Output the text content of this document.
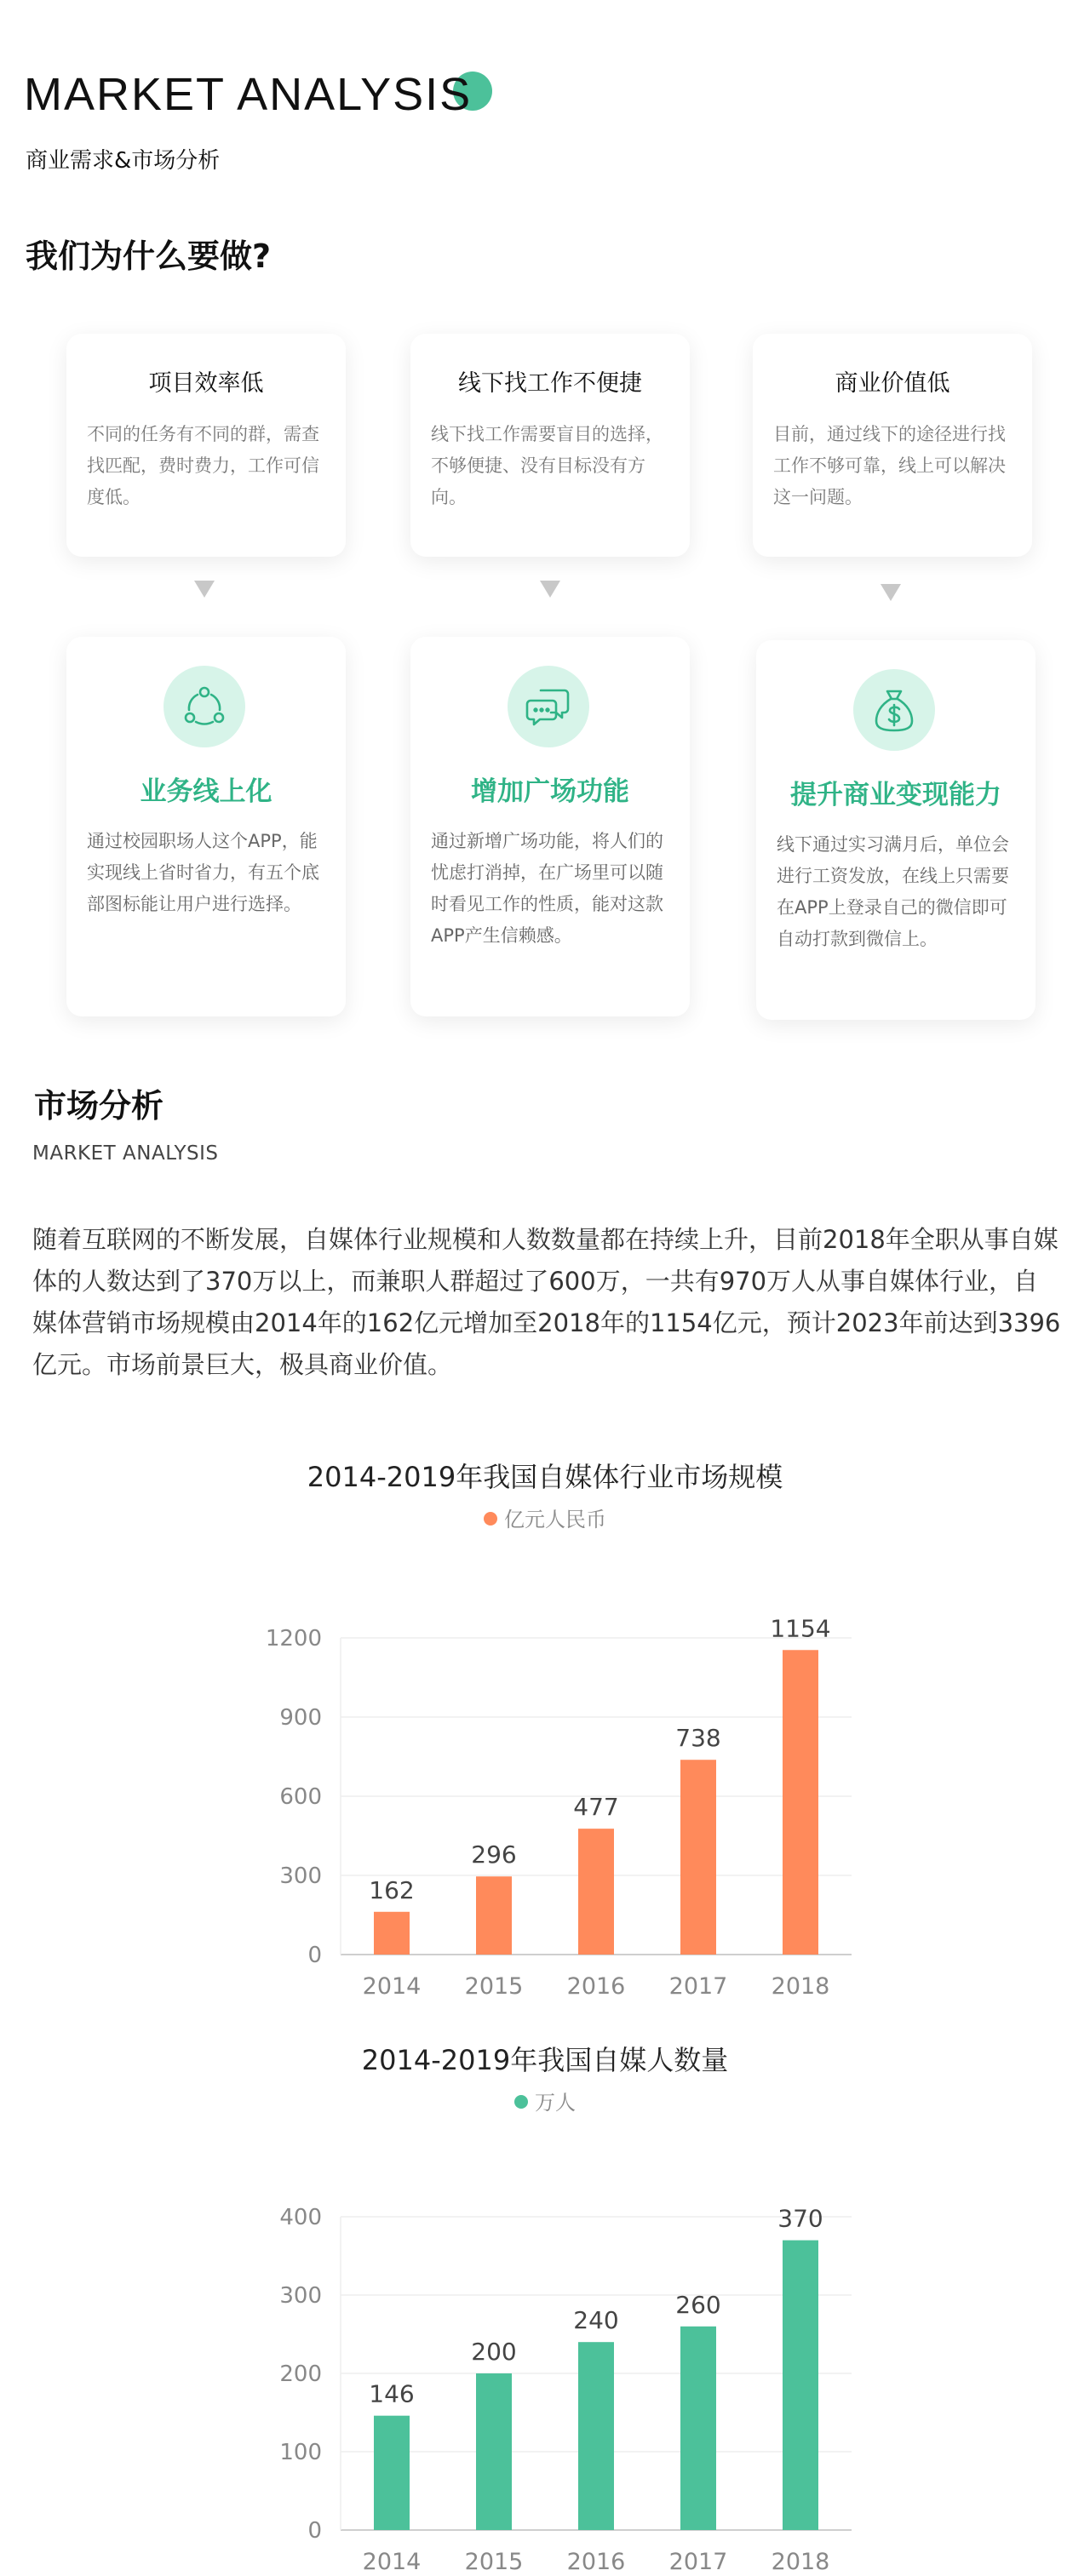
MARKET ANALYSIS
商业需求&市场分析
我们为什么要做?
项目效率低
不同的任务有不同的群，需查找匹配，费时费力，工作可信度低。
线下找工作不便捷
线下找工作需要盲目的选择，不够便捷、没有目标没有方向。
商业价值低
目前，通过线下的途径进行找工作不够可靠，线上可以解决这一问题。
业务线上化
通过校园职场人这个APP，能实现线上省时省力，有五个底部图标能让用户进行选择。
增加广场功能
通过新增广场功能，将人们的忧虑打消掉，在广场里可以随时看见工作的性质，能对这款APP产生信赖感。
提升商业变现能力
线下通过实习满月后，单位会进行工资发放，在线上只需要在APP上登录自己的微信即可自动打款到微信上。
市场分析
MARKET ANALYSIS
随着互联网的不断发展，自媒体行业规模和人数数量都在持续上升，目前2018年全职从事自媒体的人数达到了370万以上，而兼职人群超过了600万，一共有970万人从事自媒体行业，自媒体营销市场规模由2014年的162亿元增加至2018年的1154亿元，预计2023年前达到3396亿元。市场前景巨大，极具商业价值。
2014-2019年我国自媒体行业市场规模
亿元人民币
0
300
600
900
1200
162
2014
296
2015
477
2016
738
2017
1154
2018
2014-2019年我国自媒人数量
万人
0
100
200
300
400
146
2014
200
2015
240
2016
260
2017
370
2018
